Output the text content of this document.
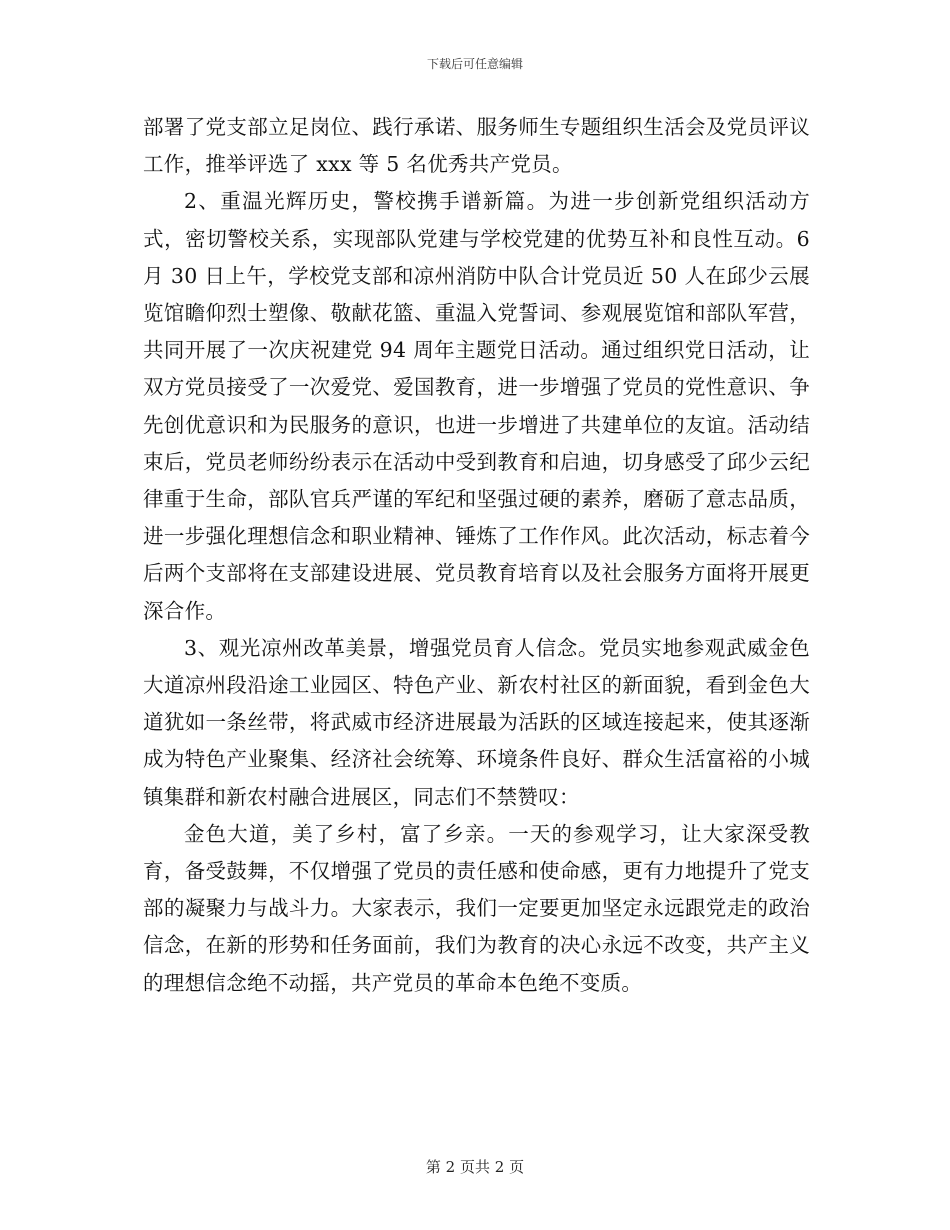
下载后可任意编辑

部署了党支部立足岗位、践行承诺、服务师生专题组织生活会及党员评议工作，推举评选了 xxx 等 5 名优秀共产党员。

2、重温光辉历史，警校携手谱新篇。为进一步创新党组织活动方式，密切警校关系，实现部队党建与学校党建的优势互补和良性互动。6 月 30 日上午，学校党支部和凉州消防中队合计党员近 50 人在邱少云展览馆瞻仰烈士塑像、敬献花篮、重温入党誓词、参观展览馆和部队军营，共同开展了一次庆祝建党 94 周年主题党日活动。通过组织党日活动，让双方党员接受了一次爱党、爱国教育，进一步增强了党员的党性意识、争先创优意识和为民服务的意识，也进一步增进了共建单位的友谊。活动结束后，党员老师纷纷表示在活动中受到教育和启迪，切身感受了邱少云纪律重于生命，部队官兵严谨的军纪和坚强过硬的素养，磨砺了意志品质，进一步强化理想信念和职业精神、锤炼了工作作风。此次活动，标志着今后两个支部将在支部建设进展、党员教育培育以及社会服务方面将开展更深合作。

3、观光凉州改革美景，增强党员育人信念。党员实地参观武威金色大道凉州段沿途工业园区、特色产业、新农村社区的新面貌，看到金色大道犹如一条丝带，将武威市经济进展最为活跃的区域连接起来，使其逐渐成为特色产业聚集、经济社会统筹、环境条件良好、群众生活富裕的小城镇集群和新农村融合进展区，同志们不禁赞叹：

金色大道，美了乡村，富了乡亲。一天的参观学习，让大家深受教育，备受鼓舞，不仅增强了党员的责任感和使命感，更有力地提升了党支部的凝聚力与战斗力。大家表示，我们一定要更加坚定永远跟党走的政治信念，在新的形势和任务面前，我们为教育的决心永远不改变，共产主义的理想信念绝不动摇，共产党员的革命本色绝不变质。

第 2 页共 2 页
